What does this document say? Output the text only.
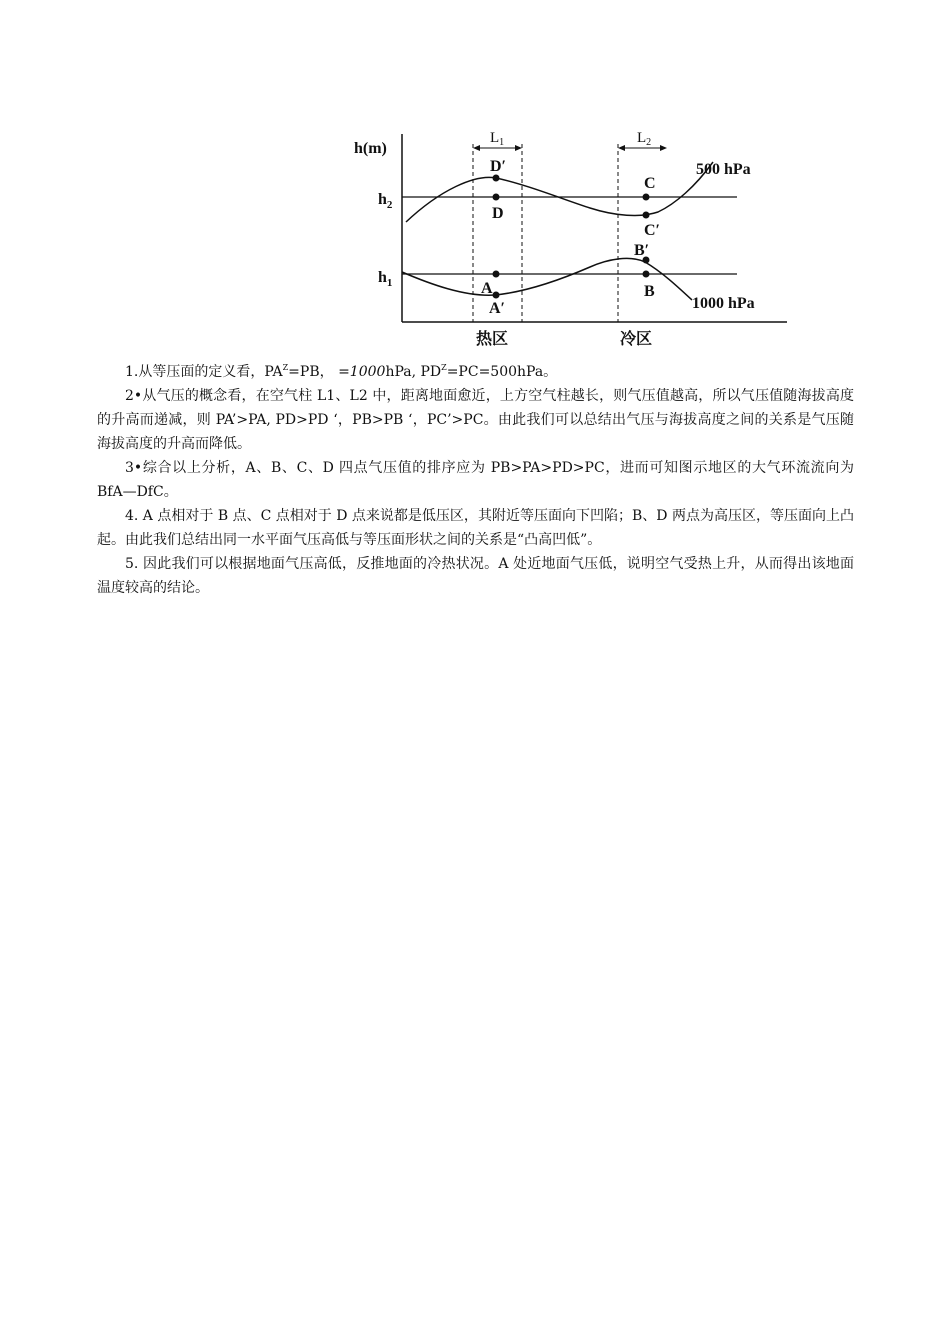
h(m)
$h_2$
$h_1$
$L_1$	$L_2$
500 hPa
1000 hPa
D′
D
C
C′
B′
B
A
A′
热区	冷区

1.从等压面的定义看，$PA^Z=PB$， =1000hPa, $PD^Z=PC=500hPa$。

2•从气压的概念看，在空气柱 L1、L2 中，距离地面愈近，上方空气柱越长，则气压值越高，所以气压值随海拔高度的升高而递减，则 PA’>PA, PD>PD ‘，PB>PB ‘，PC’>PC。由此我们可以总结出气压与海拔高度之间的关系是气压随海拔高度的升高而降低。

3•综合以上分析，A、B、C、D 四点气压值的排序应为 PB>PA>PD>PC，进而可知图示地区的大气环流流向为 BfA—DfC。

4. A 点相对于 B 点、C 点相对于 D 点来说都是低压区，其附近等压面向下凹陷；B、D 两点为高压区，等压面向上凸起。由此我们总结出同一水平面气压高低与等压面形状之间的关系是“凸高凹低”。

5. 因此我们可以根据地面气压高低，反推地面的冷热状况。A 处近地面气压低，说明空气受热上升，从而得出该地面温度较高的结论。
